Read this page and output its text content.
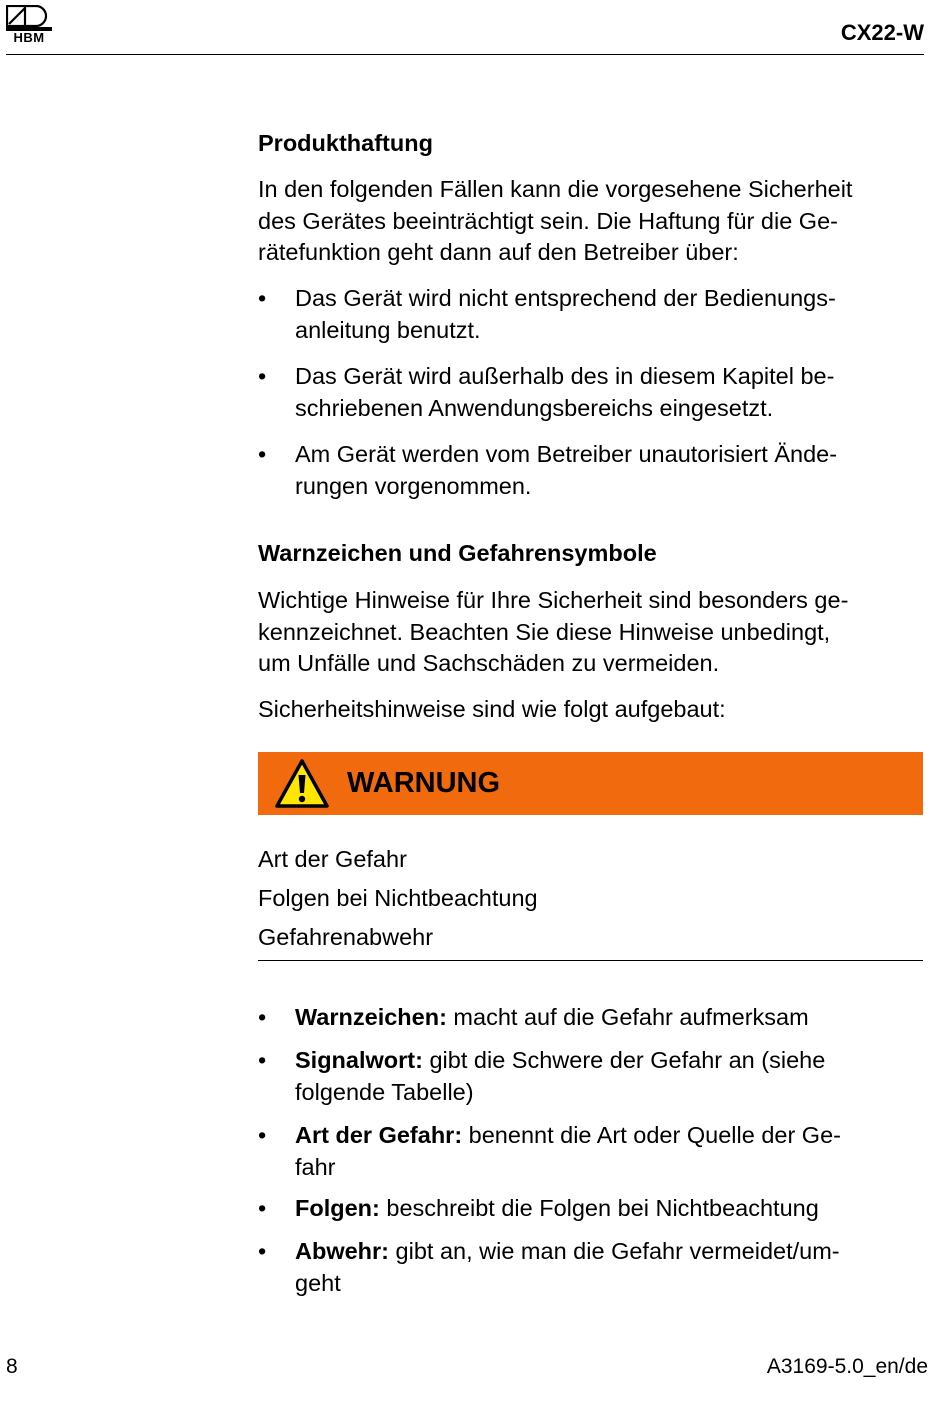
HBM	CX22-W
Produkthaftung
In den folgenden Fällen kann die vorgesehene Sicherheit
des Gerätes beeinträchtigt sein. Die Haftung für die Ge-
rätefunktion geht dann auf den Betreiber über:
• Das Gerät wird nicht entsprechend der Bedienungs-
anleitung benutzt.
• Das Gerät wird außerhalb des in diesem Kapitel be-
schriebenen Anwendungsbereichs eingesetzt.
• Am Gerät werden vom Betreiber unautorisiert Ände-
rungen vorgenommen.
Warnzeichen und Gefahrensymbole
Wichtige Hinweise für Ihre Sicherheit sind besonders ge-
kennzeichnet. Beachten Sie diese Hinweise unbedingt,
um Unfälle und Sachschäden zu vermeiden.
Sicherheitshinweise sind wie folgt aufgebaut:
WARNUNG
Art der Gefahr
Folgen bei Nichtbeachtung
Gefahrenabwehr
• Warnzeichen: macht auf die Gefahr aufmerksam
• Signalwort: gibt die Schwere der Gefahr an (siehe
folgende Tabelle)
• Art der Gefahr: benennt die Art oder Quelle der Ge-
fahr
• Folgen: beschreibt die Folgen bei Nichtbeachtung
• Abwehr: gibt an, wie man die Gefahr vermeidet/um-
geht
8	A3169-5.0_en/de
